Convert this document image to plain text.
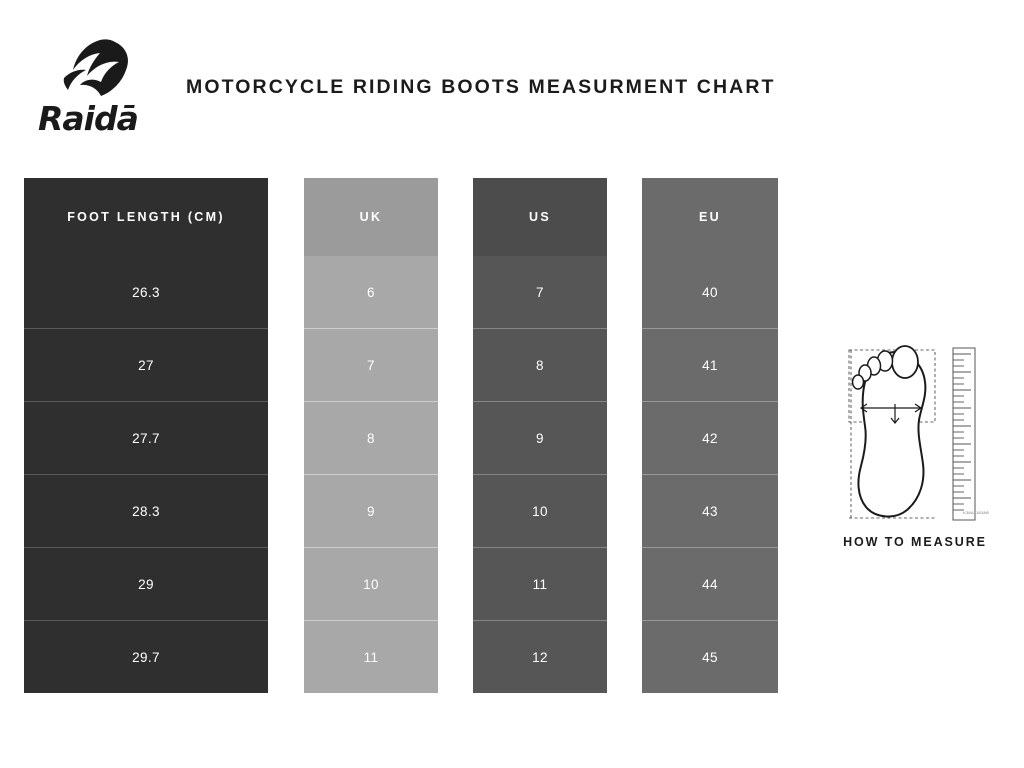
Raidā
MOTORCYCLE RIDING BOOTS MEASURMENT CHART
FOOT LENGTH (CM)
26.3
27
27.7
28.3
29
29.7
UK
6
7
8
9
10
11
US
7
8
9
10
11
12
EU
40
41
42
43
44
45
K36A1183AB
HOW TO MEASURE
